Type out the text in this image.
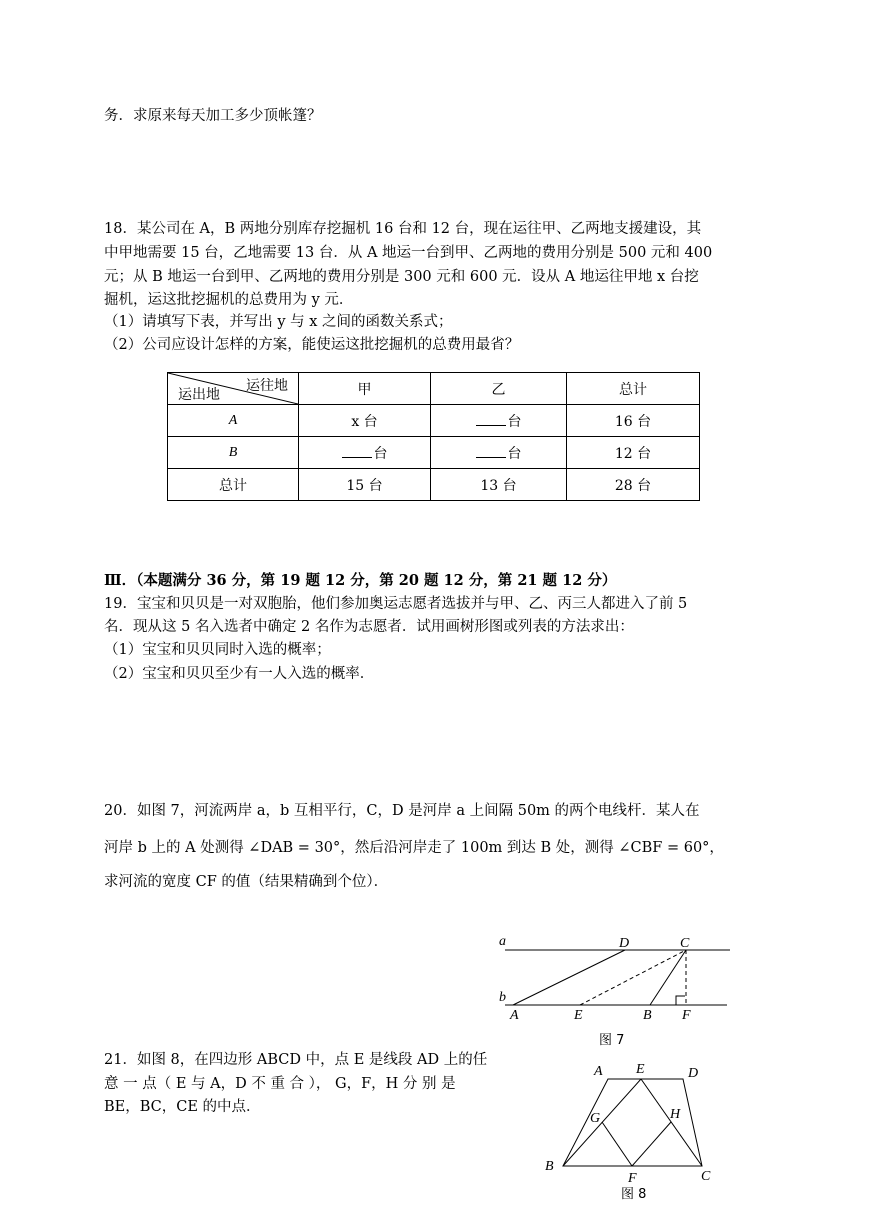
务．求原来每天加工多少顶帐篷？
18．某公司在 A，B 两地分别库存挖掘机 16 台和 12 台，现在运往甲、乙两地支援建设，其
中甲地需要 15 台，乙地需要 13 台．从 A 地运一台到甲、乙两地的费用分别是 500 元和 400
元；从 B 地运一台到甲、乙两地的费用分别是 300 元和 600 元．设从 A 地运往甲地 x 台挖
掘机，运这批挖掘机的总费用为 y 元．
（1）请填写下表，并写出 y 与 x 之间的函数关系式；
（2）公司应设计怎样的方案，能使运这批挖掘机的总费用最省？
运往地
运出地	甲	乙	总计
A	x 台	台	16 台
B	台	台	12 台
总计	15 台	13 台	28 台
Ⅲ．（本题满分 36 分，第 19 题 12 分，第 20 题 12 分，第 21 题 12 分）
19．宝宝和贝贝是一对双胞胎，他们参加奥运志愿者选拔并与甲、乙、丙三人都进入了前 5
名．现从这 5 名入选者中确定 2 名作为志愿者．试用画树形图或列表的方法求出：
（1）宝宝和贝贝同时入选的概率；
（2）宝宝和贝贝至少有一人入选的概率．
20．如图 7，河流两岸 a，b 互相平行，C，D 是河岸 a 上间隔 50m 的两个电线杆．某人在
河岸 b 上的 A 处测得 ∠DAB = 30°，然后沿河岸走了 100m 到达 B 处，测得 ∠CBF = 60°，
求河流的宽度 CF 的值（结果精确到个位）．
a
b
A	E	B F
D	C
图 7
21．如图 8，在四边形 ABCD 中，点 E 是线段 AD 上的任
意 一 点（ E 与 A，D 不 重 合 ）， G，F，H 分 别 是
BE，BC，CE 的中点．
A E	D
G	H
B
F	C
图 8
